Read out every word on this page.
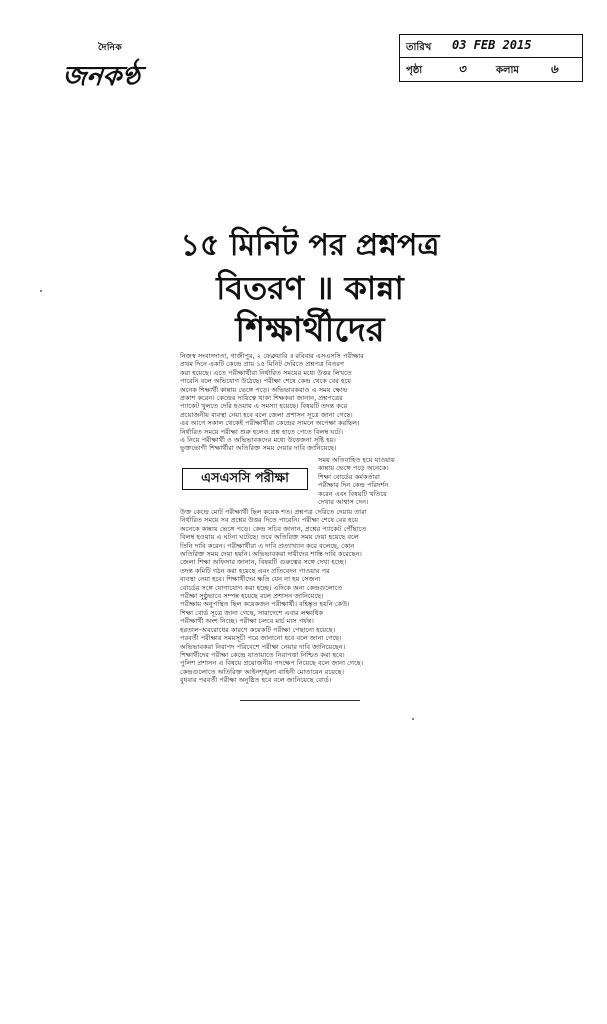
দৈনিক
জনকণ্ঠ
তারিখ 03 FEB 2015
পৃষ্ঠা	৩	কলাম	৬
১৫ মিনিট পর প্রশ্নপত্র
বিতরণ ॥ কান্না
শিক্ষার্থীদের
নিজস্ব সংবাদদাতা, গাজীপুর, ২ ফেব্রুয়ারি ॥ রবিবার এসএসসি পরীক্ষার
প্রথম দিনে একটি কেন্দ্রে প্রায় ১৫ মিনিট দেরিতে প্রশ্নপত্র বিতরণ
করা হয়েছে। এতে পরীক্ষার্থীরা নির্ধারিত সময়ের মধ্যে উত্তর লিখতে
পারেনি বলে অভিযোগ উঠেছে। পরীক্ষা শেষে কেন্দ্র থেকে বের হয়ে
অনেক শিক্ষার্থী কান্নায় ভেঙ্গে পড়ে। অভিভাবকরাও এ সময় ক্ষোভ
প্রকাশ করেন। কেন্দ্রের দায়িত্বে থাকা শিক্ষকরা জানান, প্রশ্নপত্রের
প্যাকেট খুলতে দেরি হওয়ায় এ সমস্যা হয়েছে। বিষয়টি তদন্ত করে
প্রয়োজনীয় ব্যবস্থা নেয়া হবে বলে জেলা প্রশাসন সূত্রে জানা গেছে।
এর আগে সকাল থেকেই পরীক্ষার্থীরা কেন্দ্রের সামনে অপেক্ষা করছিল।
নির্ধারিত সময়ে পরীক্ষা শুরু হলেও প্রশ্ন হাতে পেতে বিলম্ব ঘটে।
এ নিয়ে পরীক্ষার্থী ও অভিভাবকদের মধ্যে উত্তেজনা সৃষ্টি হয়।
ভুক্তভোগী শিক্ষার্থীরা অতিরিক্ত সময় দেয়ার দাবি জানিয়েছে।
এসএসসি পরীক্ষা
সময় অতিবাহিত হয়ে যাওয়ায়
কান্নায় ভেঙ্গে পড়ে অনেকে।
শিক্ষা বোর্ডের কর্মকর্তারা
পরীক্ষার দিন কেন্দ্র পরিদর্শন
করেন এবং বিষয়টি খতিয়ে
দেখার আশ্বাস দেন।
উক্ত কেন্দ্রে মোট পরীক্ষার্থী ছিল কয়েক শত। প্রশ্নপত্র দেরিতে দেয়ায় তারা
নির্ধারিত সময়ে সব প্রশ্নের উত্তর দিতে পারেনি। পরীক্ষা শেষে বের হয়ে
অনেকে কান্নায় ভেঙ্গে পড়ে। কেন্দ্র সচিব জানান, প্রশ্নের প্যাকেট পৌঁছাতে
বিলম্ব হওয়ায় এ ঘটনা ঘটেছে। তবে অতিরিক্ত সময় দেয়া হয়েছে বলে
তিনি দাবি করেন। পরীক্ষার্থীরা এ দাবি প্রত্যাখ্যান করে বলেছে, কোন
অতিরিক্ত সময় দেয়া হয়নি। অভিভাবকরা দায়ীদের শাস্তি দাবি করেছেন।
জেলা শিক্ষা অফিসার জানান, বিষয়টি গুরুত্বের সঙ্গে দেখা হচ্ছে।
তদন্ত কমিটি গঠন করা হয়েছে এবং প্রতিবেদন পাওয়ার পর
ব্যবস্থা নেয়া হবে। শিক্ষার্থীদের ক্ষতি যেন না হয় সেজন্য
বোর্ডের সঙ্গে যোগাযোগ করা হচ্ছে। এদিকে অন্য কেন্দ্রগুলোতে
পরীক্ষা সুষ্ঠুভাবে সম্পন্ন হয়েছে বলে প্রশাসন জানিয়েছে।
পরীক্ষায় অনুপস্থিত ছিল কয়েকজন পরীক্ষার্থী। বহিষ্কৃত হয়নি কেউ।
শিক্ষা বোর্ড সূত্রে জানা গেছে, সারাদেশে এবার লক্ষাধিক
পরীক্ষার্থী অংশ নিচ্ছে। পরীক্ষা চলবে মার্চ মাস পর্যন্ত।
হরতাল-অবরোধের কারণে কয়েকটি পরীক্ষা পেছানো হয়েছে।
পরবর্তী পরীক্ষার সময়সূচী পরে জানানো হবে বলে জানা গেছে।
অভিভাবকরা নিরাপদ পরিবেশে পরীক্ষা নেয়ার দাবি জানিয়েছেন।
শিক্ষার্থীদের পরীক্ষা কেন্দ্রে যাতায়াতে নিরাপত্তা নিশ্চিত করা হবে।
পুলিশ প্রশাসন এ বিষয়ে প্রয়োজনীয় পদক্ষেপ নিয়েছে বলে জানা গেছে।
কেন্দ্রগুলোতে অতিরিক্ত আইনশৃঙ্খলা বাহিনী মোতায়েন রয়েছে।
বুধবার পরবর্তী পরীক্ষা অনুষ্ঠিত হবে বলে জানিয়েছে বোর্ড।
